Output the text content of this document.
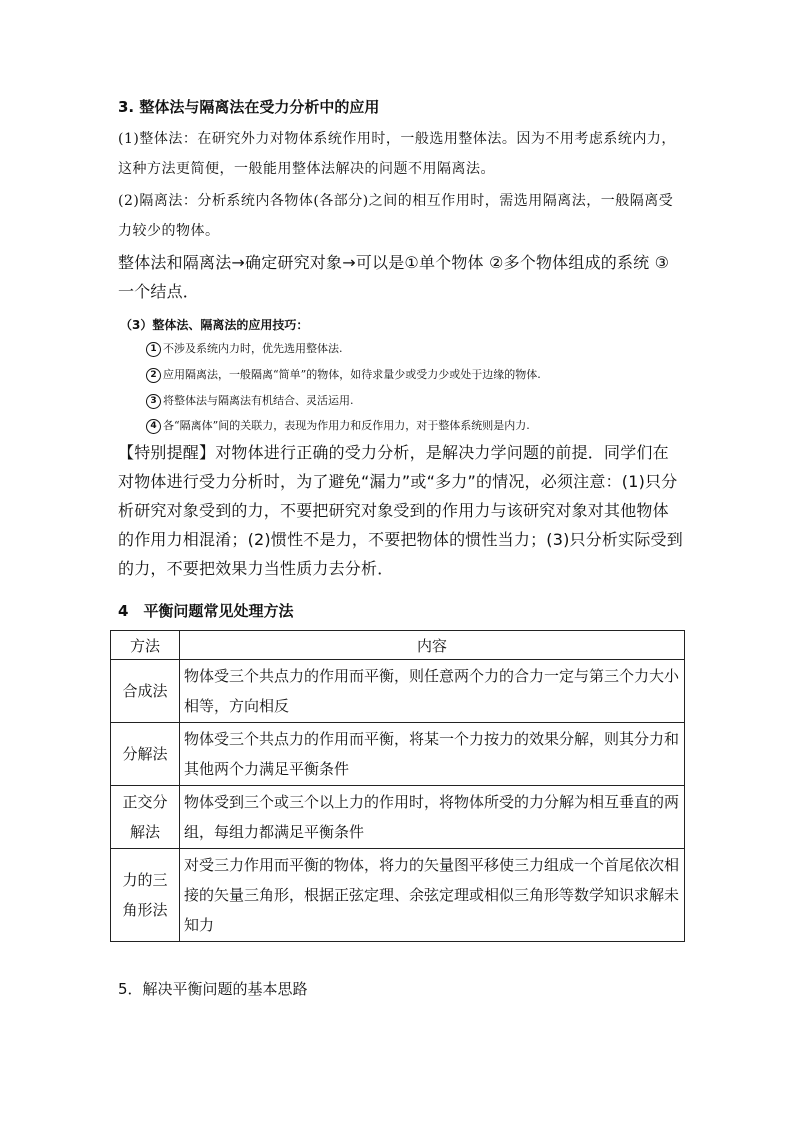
3. 整体法与隔离法在受力分析中的应用
(1)整体法：在研究外力对物体系统作用时，一般选用整体法。因为不用考虑系统内力，这种方法更简便，一般能用整体法解决的问题不用隔离法。
(2)隔离法：分析系统内各物体(各部分)之间的相互作用时，需选用隔离法，一般隔离受力较少的物体。
整体法和隔离法→确定研究对象→可以是①单个物体 ②多个物体组成的系统 ③一个结点．
（3）整体法、隔离法的应用技巧：
1 不涉及系统内力时，优先选用整体法.
2 应用隔离法，一般隔离“简单”的物体，如待求量少或受力少或处于边缘的物体.
3 将整体法与隔离法有机结合、灵活运用.
4 各“隔离体”间的关联力，表现为作用力和反作用力，对于整体系统则是内力.
【特别提醒】对物体进行正确的受力分析，是解决力学问题的前提．同学们在对物体进行受力分析时，为了避免“漏力”或“多力”的情况，必须注意：(1)只分析研究对象受到的力，不要把研究对象受到的作用力与该研究对象对其他物体的作用力相混淆；(2)惯性不是力，不要把物体的惯性当力；(3)只分析实际受到的力，不要把效果力当性质力去分析．
4　平衡问题常见处理方法
方法	内容

合成法	物体受三个共点力的作用而平衡，则任意两个力的合力一定与第三个力大小相等，方向相反

分解法	物体受三个共点力的作用而平衡，将某一个力按力的效果分解，则其分力和其他两个力满足平衡条件

正交分
解法	物体受到三个或三个以上力的作用时，将物体所受的力分解为相互垂直的两组，每组力都满足平衡条件

力的三
角形法	对受三力作用而平衡的物体，将力的矢量图平移使三力组成一个首尾依次相接的矢量三角形，根据正弦定理、余弦定理或相似三角形等数学知识求解未知力
5．解决平衡问题的基本思路
